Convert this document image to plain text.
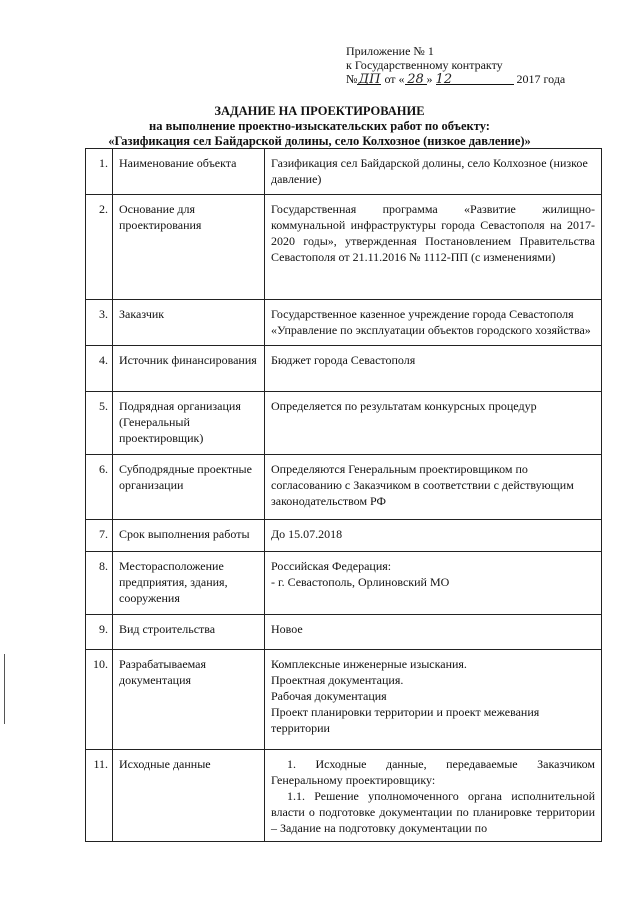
Приложение № 1
к Государственному контракту
№ДП от « 28 » 12	2017 года
ЗАДАНИЕ НА ПРОЕКТИРОВАНИЕ
на выполнение проектно-изыскательских работ по объекту:
«Газификация сел Байдарской долины, село Колхозное (низкое давление)»
1.	Наименование объекта	Газификация сел Байдарской долины, село Колхозное (низкое давление)
2.	Основание для проектирования	Государственная программа «Развитие жилищно-коммунальной инфраструктуры города Севастополя на 2017-2020 годы», утвержденная Постановлением Правительства Севастополя от 21.11.2016 № 1112-ПП (с изменениями)
3.	Заказчик	Государственное казенное учреждение города Севастополя
«Управление по эксплуатации объектов городского хозяйства»

4.	Источник финансирования	Бюджет города Севастополя
5.	Подрядная организация (Генеральный проектировщик)	Определяется по результатам конкурсных процедур
6.	Субподрядные проектные организации	Определяются Генеральным проектировщиком по согласованию с Заказчиком в соответствии с действующим законодательством РФ
7.	Срок выполнения работы	До 15.07.2018
8.	Месторасположение предприятия, здания, сооружения	Российская Федерация:
- г. Севастополь, Орлиновский МО

9.	Вид строительства	Новое
10.	Разрабатываемая документация	Комплексные инженерные изыскания.
Проектная документация.
Рабочая документация
Проект планировки территории и проект межевания территории

11.	Исходные данные	1. Исходные данные, передаваемые Заказчиком Генеральному проектировщику:
1.1. Решение уполномоченного органа исполнительной власти о подготовке документации по планировке территории – Задание на подготовку документации по
